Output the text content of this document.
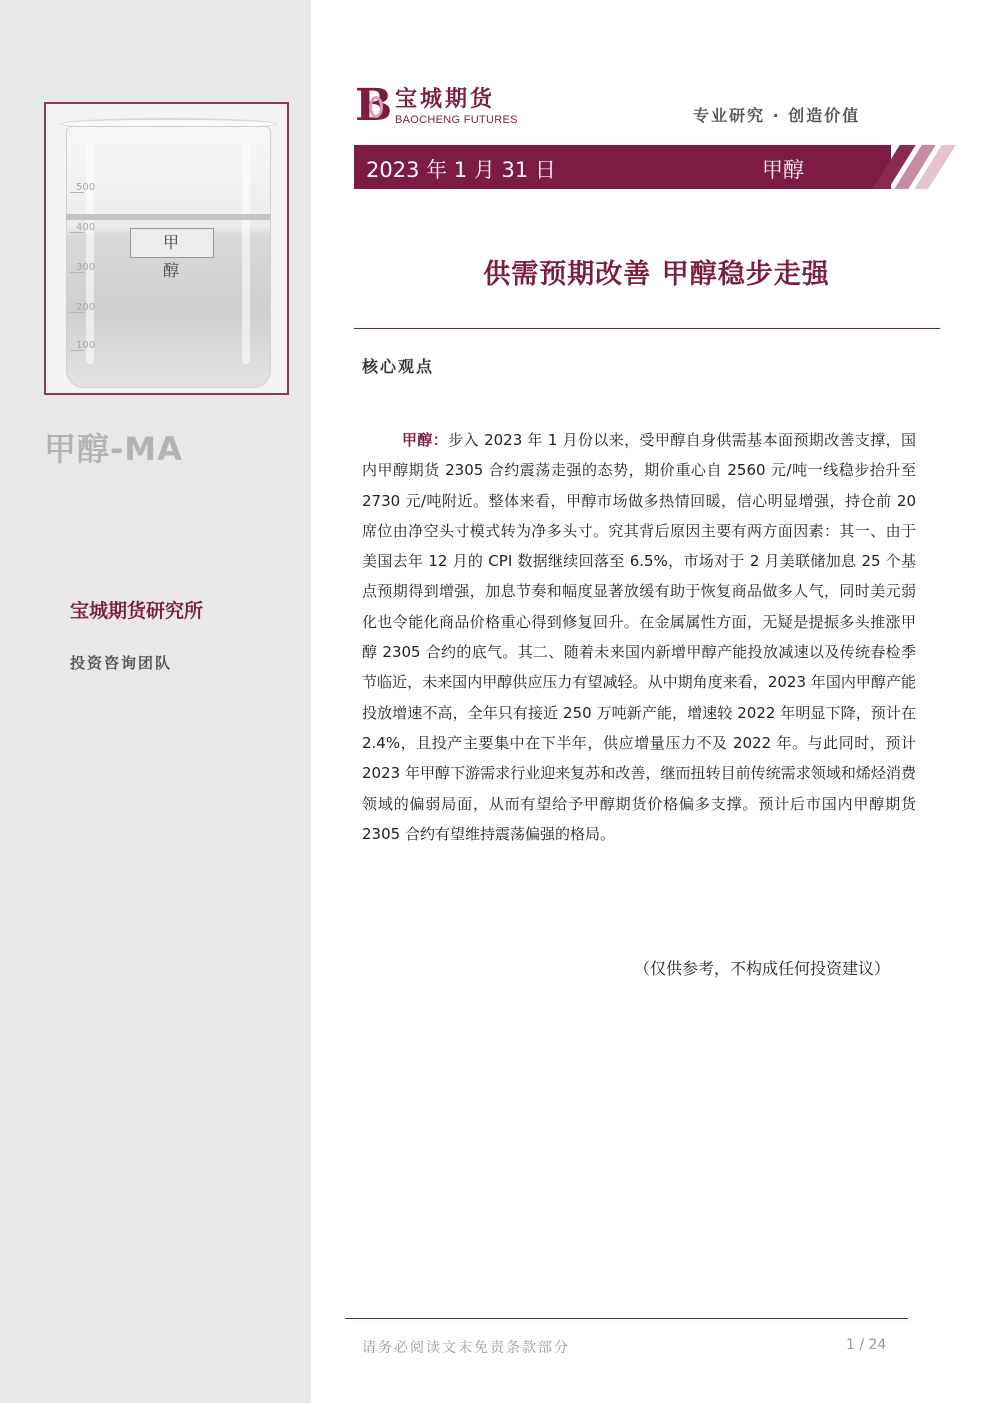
500
400
300
200
100
甲 醇
甲醇-MA
宝城期货研究所
投资咨询团队
B 宝城期货
BAOCHENG FUTURES	专业研究 · 创造价值
2023 年 1 月 31 日	甲醇
供需预期改善 甲醇稳步走强
核心观点
甲醇：步入 2023 年 1 月份以来，受甲醇自身供需基本面预期改善支撑，国内甲醇期货 2305 合约震荡走强的态势，期价重心自 2560 元/吨一线稳步抬升至 2730 元/吨附近。整体来看，甲醇市场做多热情回暖，信心明显增强，持仓前 20 席位由净空头寸模式转为净多头寸。究其背后原因主要有两方面因素：其一、由于美国去年 12 月的 CPI 数据继续回落至 6.5%，市场对于 2 月美联储加息 25 个基点预期得到增强，加息节奏和幅度显著放缓有助于恢复商品做多人气，同时美元弱化也令能化商品价格重心得到修复回升。在金属属性方面，无疑是提振多头推涨甲醇 2305 合约的底气。其二、随着未来国内新增甲醇产能投放减速以及传统春检季节临近，未来国内甲醇供应压力有望减轻。从中期角度来看，2023 年国内甲醇产能投放增速不高，全年只有接近 250 万吨新产能，增速较 2022 年明显下降，预计在 2.4%，且投产主要集中在下半年，供应增量压力不及 2022 年。与此同时，预计 2023 年甲醇下游需求行业迎来复苏和改善，继而扭转目前传统需求领域和烯烃消费领域的偏弱局面，从而有望给予甲醇期货价格偏多支撑。预计后市国内甲醇期货 2305 合约有望维持震荡偏强的格局。
（仅供参考，不构成任何投资建议）
请务必阅读文末免责条款部分	1 / 24
